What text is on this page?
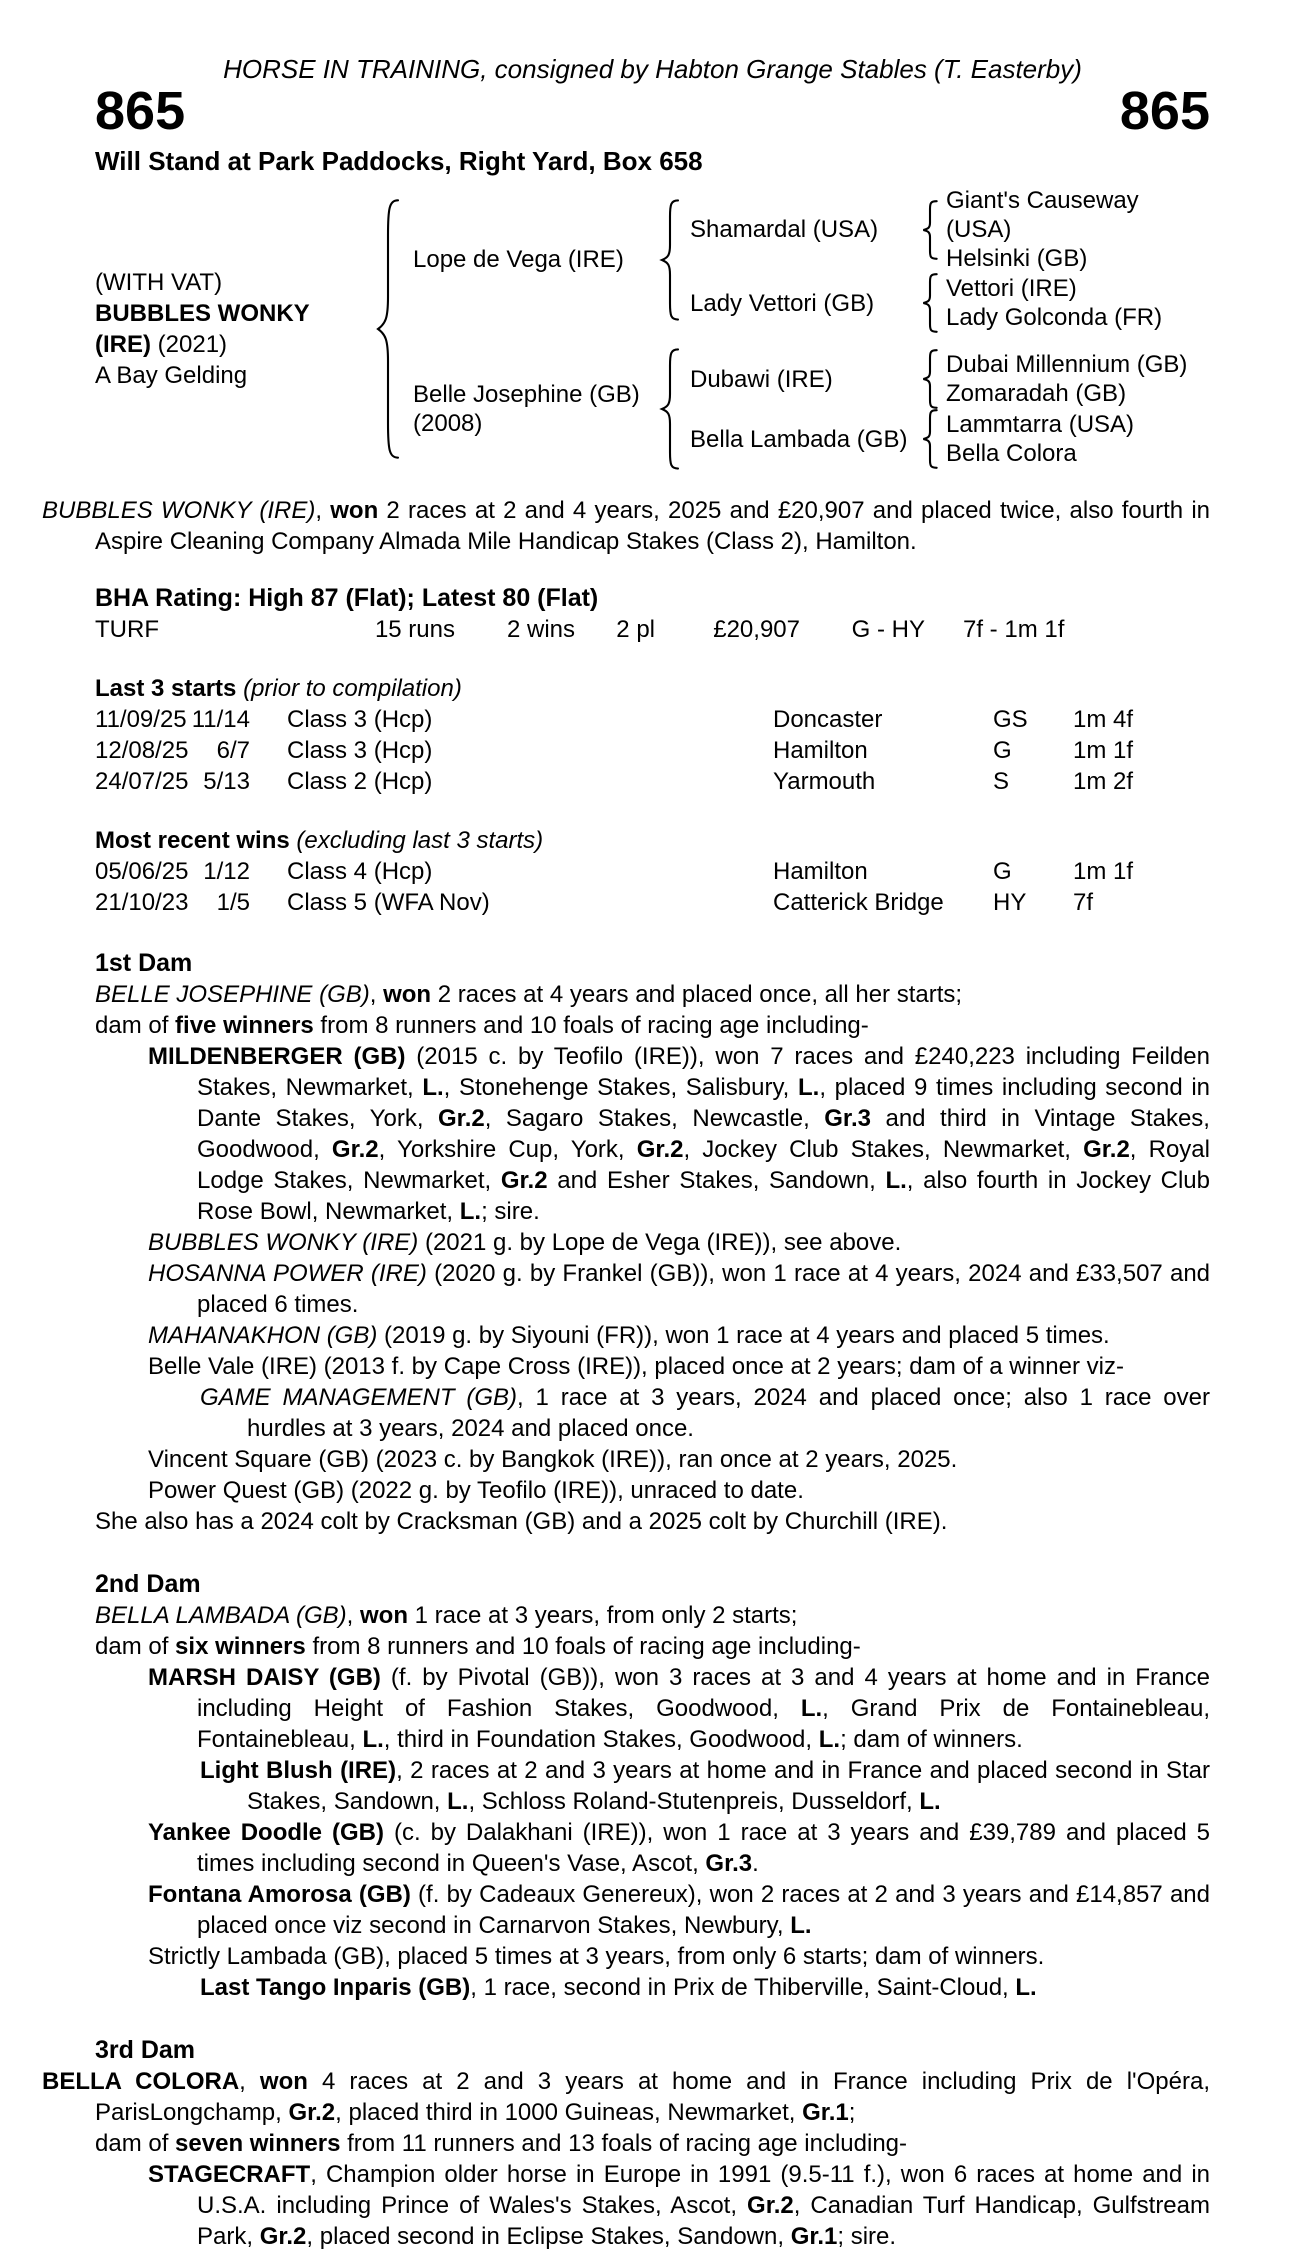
HORSE IN TRAINING, consigned by Habton Grange Stables (T. Easterby)
865	865
Will Stand at Park Paddocks, Right Yard, Box 658
(WITH VAT)
BUBBLES WONKY
(IRE) (2021)
A Bay Gelding
Lope de Vega (IRE)
Shamardal (USA)
Giant's Causeway (USA)
Helsinki (GB)
Lady Vettori (GB)
Vettori (IRE)
Lady Golconda (FR)
Belle Josephine (GB)
(2008)
Dubawi (IRE)
Dubai Millennium (GB)
Zomaradah (GB)
Bella Lambada (GB)
Lammtarra (USA)
Bella Colora

BUBBLES WONKY (IRE), won 2 races at 2 and 4 years, 2025 and £20,907 and placed twice, also fourth in Aspire Cleaning Company Almada Mile Handicap Stakes (Class 2), Hamilton.

BHA Rating: High 87 (Flat); Latest 80 (Flat)
TURF	15 runs	2 wins	2 pl	£20,907	G - HY	7f - 1m 1f
Last 3 starts (prior to compilation)
11/09/25 11/14	Class 3 (Hcp)	Doncaster	GS	1m 4f
12/08/25	6/7	Class 3 (Hcp)	Hamilton	G	1m 1f
24/07/25 5/13	Class 2 (Hcp)	Yarmouth	S	1m 2f
Most recent wins (excluding last 3 starts)
05/06/25 1/12	Class 4 (Hcp)	Hamilton	G	1m 1f
21/10/23	1/5	Class 5 (WFA Nov)	Catterick Bridge	HY	7f
1st Dam

BELLE JOSEPHINE (GB), won 2 races at 4 years and placed once, all her starts;

dam of five winners from 8 runners and 10 foals of racing age including-

MILDENBERGER (GB) (2015 c. by Teofilo (IRE)), won 7 races and £240,223 including Feilden Stakes, Newmarket, L., Stonehenge Stakes, Salisbury, L., placed 9 times including second in Dante Stakes, York, Gr.2, Sagaro Stakes, Newcastle, Gr.3 and third in Vintage Stakes, Goodwood, Gr.2, Yorkshire Cup, York, Gr.2, Jockey Club Stakes, Newmarket, Gr.2, Royal Lodge Stakes, Newmarket, Gr.2 and Esher Stakes, Sandown, L., also fourth in Jockey Club Rose Bowl, Newmarket, L.; sire.

BUBBLES WONKY (IRE) (2021 g. by Lope de Vega (IRE)), see above.

HOSANNA POWER (IRE) (2020 g. by Frankel (GB)), won 1 race at 4 years, 2024 and £33,507 and placed 6 times.

MAHANAKHON (GB) (2019 g. by Siyouni (FR)), won 1 race at 4 years and placed 5 times.

Belle Vale (IRE) (2013 f. by Cape Cross (IRE)), placed once at 2 years; dam of a winner viz-

GAME MANAGEMENT (GB), 1 race at 3 years, 2024 and placed once; also 1 race over hurdles at 3 years, 2024 and placed once.

Vincent Square (GB) (2023 c. by Bangkok (IRE)), ran once at 2 years, 2025.

Power Quest (GB) (2022 g. by Teofilo (IRE)), unraced to date.

She also has a 2024 colt by Cracksman (GB) and a 2025 colt by Churchill (IRE).

2nd Dam

BELLA LAMBADA (GB), won 1 race at 3 years, from only 2 starts;

dam of six winners from 8 runners and 10 foals of racing age including-

MARSH DAISY (GB) (f. by Pivotal (GB)), won 3 races at 3 and 4 years at home and in France including Height of Fashion Stakes, Goodwood, L., Grand Prix de Fontainebleau, Fontainebleau, L., third in Foundation Stakes, Goodwood, L.; dam of winners.

Light Blush (IRE), 2 races at 2 and 3 years at home and in France and placed second in Star Stakes, Sandown, L., Schloss Roland-Stutenpreis, Dusseldorf, L.

Yankee Doodle (GB) (c. by Dalakhani (IRE)), won 1 race at 3 years and £39,789 and placed 5 times including second in Queen's Vase, Ascot, Gr.3.

Fontana Amorosa (GB) (f. by Cadeaux Genereux), won 2 races at 2 and 3 years and £14,857 and placed once viz second in Carnarvon Stakes, Newbury, L.

Strictly Lambada (GB), placed 5 times at 3 years, from only 6 starts; dam of winners.

Last Tango Inparis (GB), 1 race, second in Prix de Thiberville, Saint-Cloud, L.

3rd Dam

BELLA COLORA, won 4 races at 2 and 3 years at home and in France including Prix de l'Opéra, ParisLongchamp, Gr.2, placed third in 1000 Guineas, Newmarket, Gr.1;

dam of seven winners from 11 runners and 13 foals of racing age including-

STAGECRAFT, Champion older horse in Europe in 1991 (9.5-11 f.), won 6 races at home and in U.S.A. including Prince of Wales's Stakes, Ascot, Gr.2, Canadian Turf Handicap, Gulfstream Park, Gr.2, placed second in Eclipse Stakes, Sandown, Gr.1; sire.
